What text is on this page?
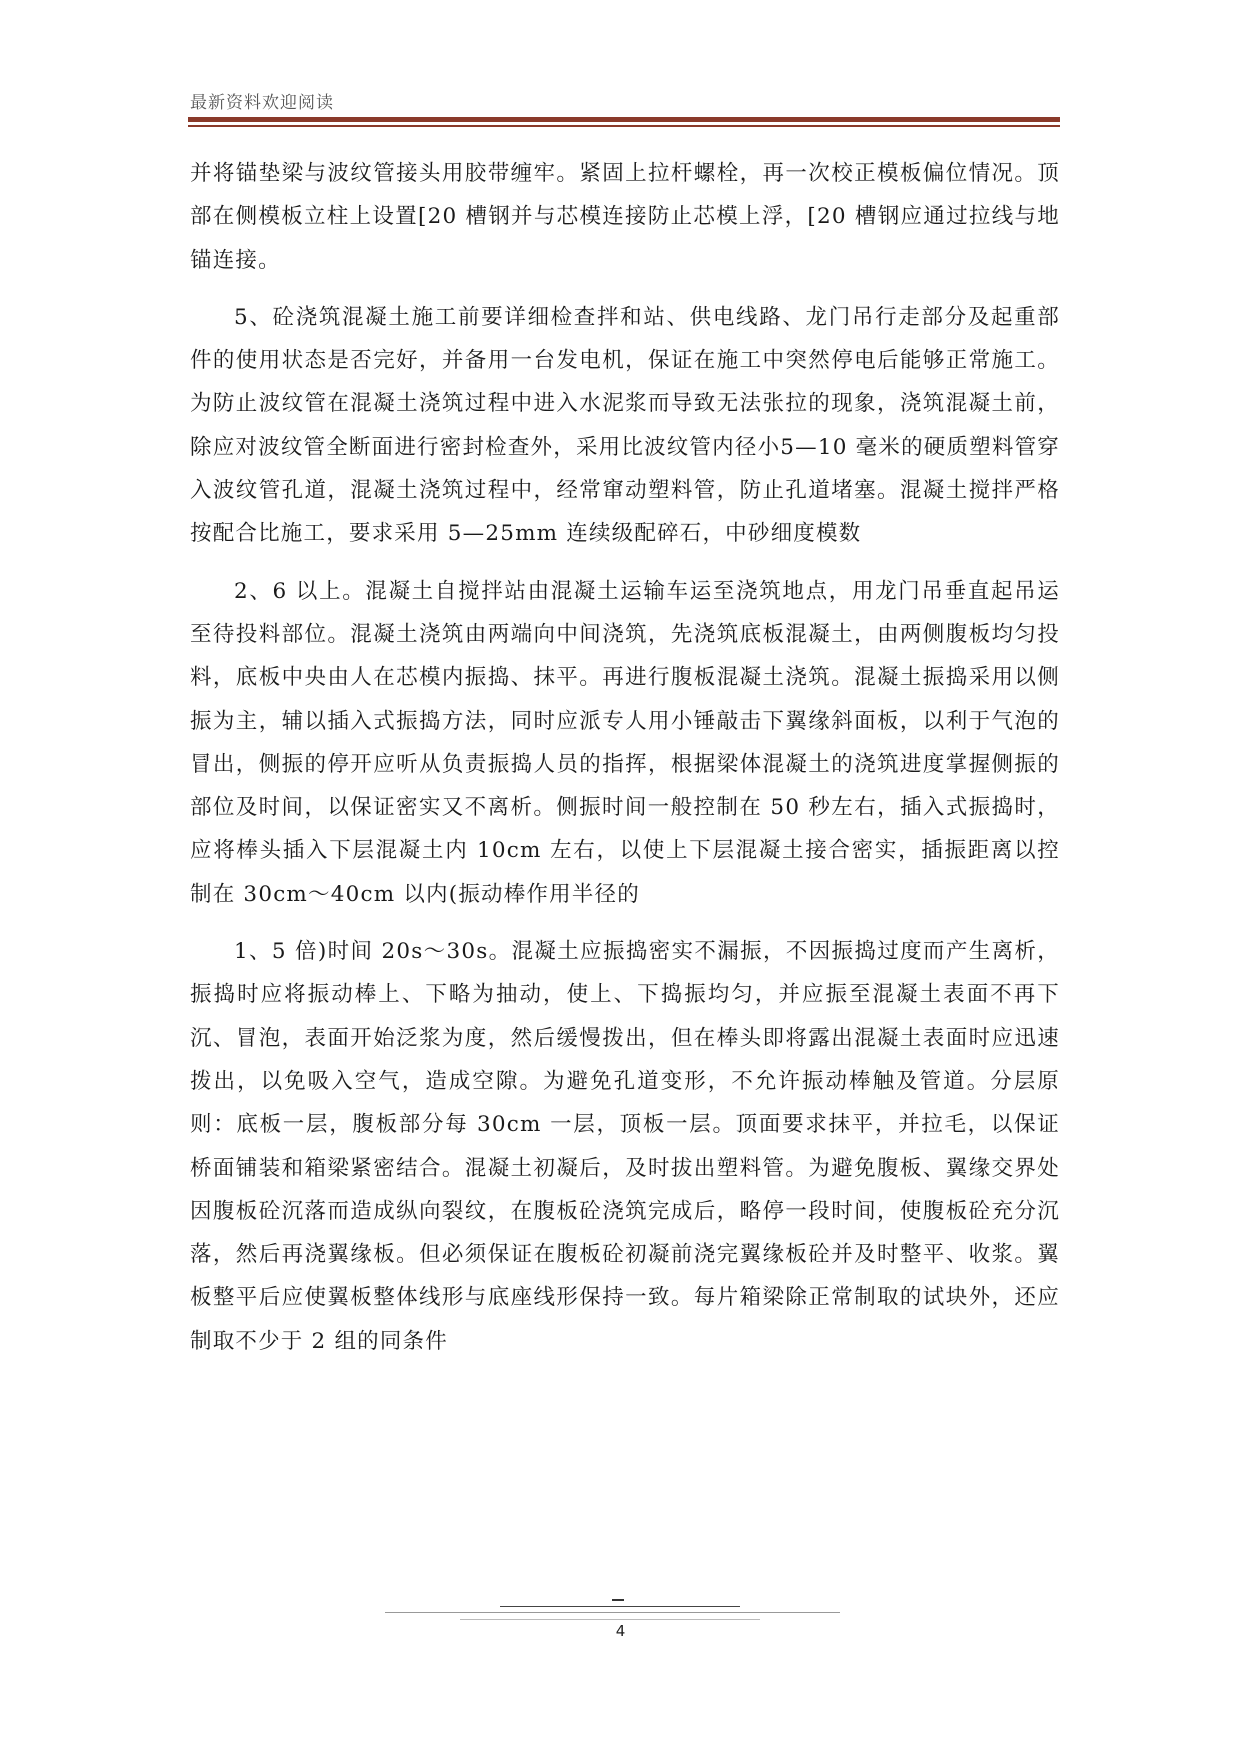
最新资料欢迎阅读

并将锚垫梁与波纹管接头用胶带缠牢。紧固上拉杆螺栓，再一次校正模板偏位情况。顶部在侧模板立柱上设置[20 槽钢并与芯模连接防止芯模上浮，[20 槽钢应通过拉线与地锚连接。

5、砼浇筑混凝土施工前要详细检查拌和站、供电线路、龙门吊行走部分及起重部件的使用状态是否完好，并备用一台发电机，保证在施工中突然停电后能够正常施工。为防止波纹管在混凝土浇筑过程中进入水泥浆而导致无法张拉的现象，浇筑混凝土前，除应对波纹管全断面进行密封检查外，采用比波纹管内径小5—10 毫米的硬质塑料管穿入波纹管孔道，混凝土浇筑过程中，经常窜动塑料管，防止孔道堵塞。混凝土搅拌严格按配合比施工，要求采用 5—25mm 连续级配碎石，中砂细度模数

2、6 以上。混凝土自搅拌站由混凝土运输车运至浇筑地点，用龙门吊垂直起吊运至待投料部位。混凝土浇筑由两端向中间浇筑，先浇筑底板混凝土，由两侧腹板均匀投料，底板中央由人在芯模内振捣、抹平。再进行腹板混凝土浇筑。混凝土振捣采用以侧振为主，辅以插入式振捣方法，同时应派专人用小锤敲击下翼缘斜面板，以利于气泡的冒出，侧振的停开应听从负责振捣人员的指挥，根据梁体混凝土的浇筑进度掌握侧振的部位及时间，以保证密实又不离析。侧振时间一般控制在 50 秒左右，插入式振捣时，应将棒头插入下层混凝土内 10cm 左右，以使上下层混凝土接合密实，插振距离以控制在 30cm～40cm 以内(振动棒作用半径的

1、5 倍)时间 20s～30s。混凝土应振捣密实不漏振，不因振捣过度而产生离析，振捣时应将振动棒上、下略为抽动，使上、下捣振均匀，并应振至混凝土表面不再下沉、冒泡，表面开始泛浆为度，然后缓慢拨出，但在棒头即将露出混凝土表面时应迅速拨出，以免吸入空气，造成空隙。为避免孔道变形，不允许振动棒触及管道。分层原则：底板一层，腹板部分每 30cm 一层，顶板一层。顶面要求抹平，并拉毛，以保证桥面铺装和箱梁紧密结合。混凝土初凝后，及时拔出塑料管。为避免腹板、翼缘交界处因腹板砼沉落而造成纵向裂纹，在腹板砼浇筑完成后，略停一段时间，使腹板砼充分沉落，然后再浇翼缘板。但必须保证在腹板砼初凝前浇完翼缘板砼并及时整平、收浆。翼板整平后应使翼板整体线形与底座线形保持一致。每片箱梁除正常制取的试块外，还应制取不少于 2 组的同条件

4
